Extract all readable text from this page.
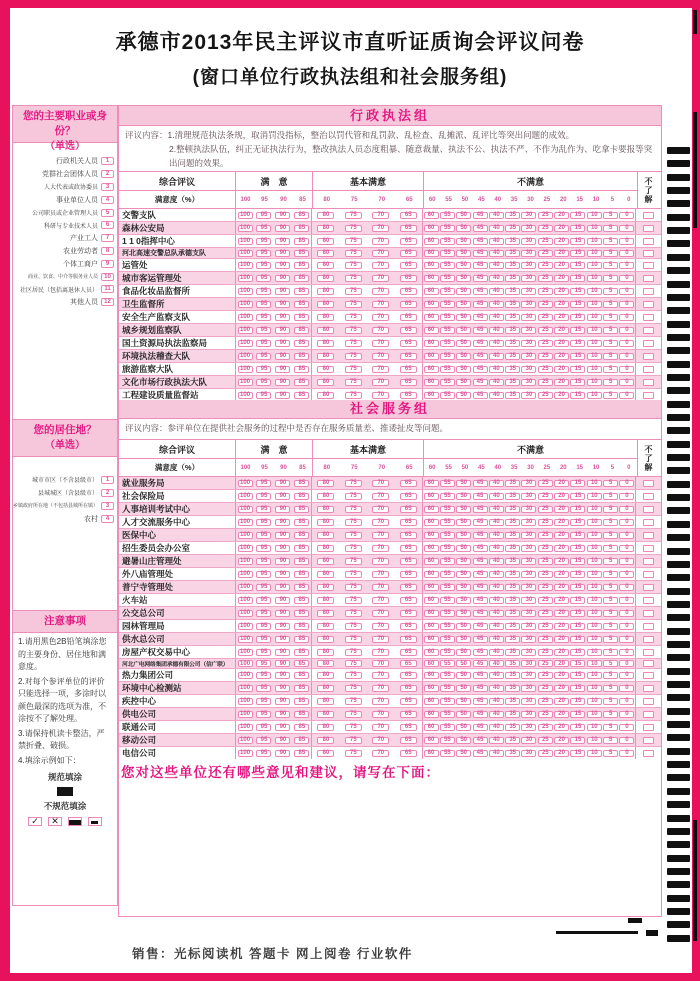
承德市2013年民主评议市直听证质询会评议问卷
(窗口单位行政执法组和社会服务组)
您的主要职业或身份？
（单选）
行政机关人员	1
党群社会团体人员	2
人大代表或政协委员	3
事业单位人员	4
公司职员或企业管理人员	5
科研与专业技术人员	6
产业工人	7
农业劳动者	8
个体工商户	9
商业、饮食、中介等服务业人员	10
社区居民（包括离退休人员）	11
其他人员	12
您的居住地？
（单选）
城市市区（不含县级市）	1
县城城区（含县级市）	2
乡镇政府所在地（不包括县城所在镇）	3
农村	4
注意事项

1.请用黑色2B铅笔填涂您的主要身份、居住地和满意度。

2.对每个参评单位的评价只能选择一项，多涂时以颜色最深的选项为准，不涂按不了解处理。

3.请保持机读卡整洁，严禁折叠、破损。

4.填涂示例如下：

规范填涂
不规范填涂
✓	✕
行政执法组

评议内容：1.清理规范执法条规，取消罚没指标，整治以罚代管和乱罚款、乱检查、乱摊派、乱评比等突出问题的成效。

2.整顿执法队伍，纠正无证执法行为，整改执法人员态度粗暴、随意裁量、执法不公、执法不严、不作为乱作为、吃拿卡要报等突出问题的效果。

综合评议	满　意	基本满意	不满意
满意度（%）	100 95 90 85	80	75	70	65	60 55 50 45 40 35 30 25 20 15 10 5 0 不了解
交警支队	100	95	90	85	80	75	70	65	60	55	50	45	40	35	30	25	20	15	10	5	0
森林公安局	100	95	90	85	80	75	70	65	60	55	50	45	40	35	30	25	20	15	10	5	0
1 1 0指挥中心	100	95	90	85	80	75	70	65	60	55	50	45	40	35	30	25	20	15	10	5	0
河北高速交警总队承德支队	100	95	90	85	80	75	70	65	60	55	50	45	40	35	30	25	20	15	10	5	0
运管处	100	95	90	85	80	75	70	65	60	55	50	45	40	35	30	25	20	15	10	5	0
城市客运管理处	100	95	90	85	80	75	70	65	60	55	50	45	40	35	30	25	20	15	10	5	0
食品化妆品监督所	100	95	90	85	80	75	70	65	60	55	50	45	40	35	30	25	20	15	10	5	0
卫生监督所	100	95	90	85	80	75	70	65	60	55	50	45	40	35	30	25	20	15	10	5	0
安全生产监察支队	100	95	90	85	80	75	70	65	60	55	50	45	40	35	30	25	20	15	10	5	0
城乡规划监察队	100	95	90	85	80	75	70	65	60	55	50	45	40	35	30	25	20	15	10	5	0
国土资源局执法监察局	100	95	90	85	80	75	70	65	60	55	50	45	40	35	30	25	20	15	10	5	0
环境执法稽查大队	100	95	90	85	80	75	70	65	60	55	50	45	40	35	30	25	20	15	10	5	0
旅游监察大队	100	95	90	85	80	75	70	65	60	55	50	45	40	35	30	25	20	15	10	5	0
文化市场行政执法大队	100	95	90	85	80	75	70	65	60	55	50	45	40	35	30	25	20	15	10	5	0
工程建设质量监督站	100	95	90	85	80	75	70	65	60	55	50	45	40	35	30	25	20	15	10	5	0
社会服务组

评议内容：参评单位在提供社会服务的过程中是否存在服务质量差、推诿扯皮等问题。

综合评议	满　意	基本满意	不满意
满意度（%）	100 95 90 85	80	75	70	65	60 55 50 45 40 35 30 25 20 15 10 5 0 不了解
就业服务局	100	95	90	85	80	75	70	65	60	55	50	45	40	35	30	25	20	15	10	5	0
社会保险局	100	95	90	85	80	75	70	65	60	55	50	45	40	35	30	25	20	15	10	5	0
人事培训考试中心	100	95	90	85	80	75	70	65	60	55	50	45	40	35	30	25	20	15	10	5	0
人才交流服务中心	100	95	90	85	80	75	70	65	60	55	50	45	40	35	30	25	20	15	10	5	0
医保中心	100	95	90	85	80	75	70	65	60	55	50	45	40	35	30	25	20	15	10	5	0
招生委员会办公室	100	95	90	85	80	75	70	65	60	55	50	45	40	35	30	25	20	15	10	5	0
避暑山庄管理处	100	95	90	85	80	75	70	65	60	55	50	45	40	35	30	25	20	15	10	5	0
外八庙管理处	100	95	90	85	80	75	70	65	60	55	50	45	40	35	30	25	20	15	10	5	0
普宁寺管理处	100	95	90	85	80	75	70	65	60	55	50	45	40	35	30	25	20	15	10	5	0
火车站	100	95	90	85	80	75	70	65	60	55	50	45	40	35	30	25	20	15	10	5	0
公交总公司	100	95	90	85	80	75	70	65	60	55	50	45	40	35	30	25	20	15	10	5	0
园林管理局	100	95	90	85	80	75	70	65	60	55	50	45	40	35	30	25	20	15	10	5	0
供水总公司	100	95	90	85	80	75	70	65	60	55	50	45	40	35	30	25	20	15	10	5	0
房屋产权交易中心	100	95	90	85	80	75	70	65	60	55	50	45	40	35	30	25	20	15	10	5	0
河北广电网络集团承德有限公司（信广联）	100	95	90	85	80	75	70	65	60	55	50	45	40	35	30	25	20	15	10	5	0
热力集团公司	100	95	90	85	80	75	70	65	60	55	50	45	40	35	30	25	20	15	10	5	0
环境中心检测站	100	95	90	85	80	75	70	65	60	55	50	45	40	35	30	25	20	15	10	5	0
疾控中心	100	95	90	85	80	75	70	65	60	55	50	45	40	35	30	25	20	15	10	5	0
供电公司	100	95	90	85	80	75	70	65	60	55	50	45	40	35	30	25	20	15	10	5	0
联通公司	100	95	90	85	80	75	70	65	60	55	50	45	40	35	30	25	20	15	10	5	0
移动公司	100	95	90	85	80	75	70	65	60	55	50	45	40	35	30	25	20	15	10	5	0
电信公司	100	95	90	85	80	75	70	65	60	55	50	45	40	35	30	25	20	15	10	5	0
您对这些单位还有哪些意见和建议，请写在下面：
销售：光标阅读机 答题卡 网上阅卷 行业软件
